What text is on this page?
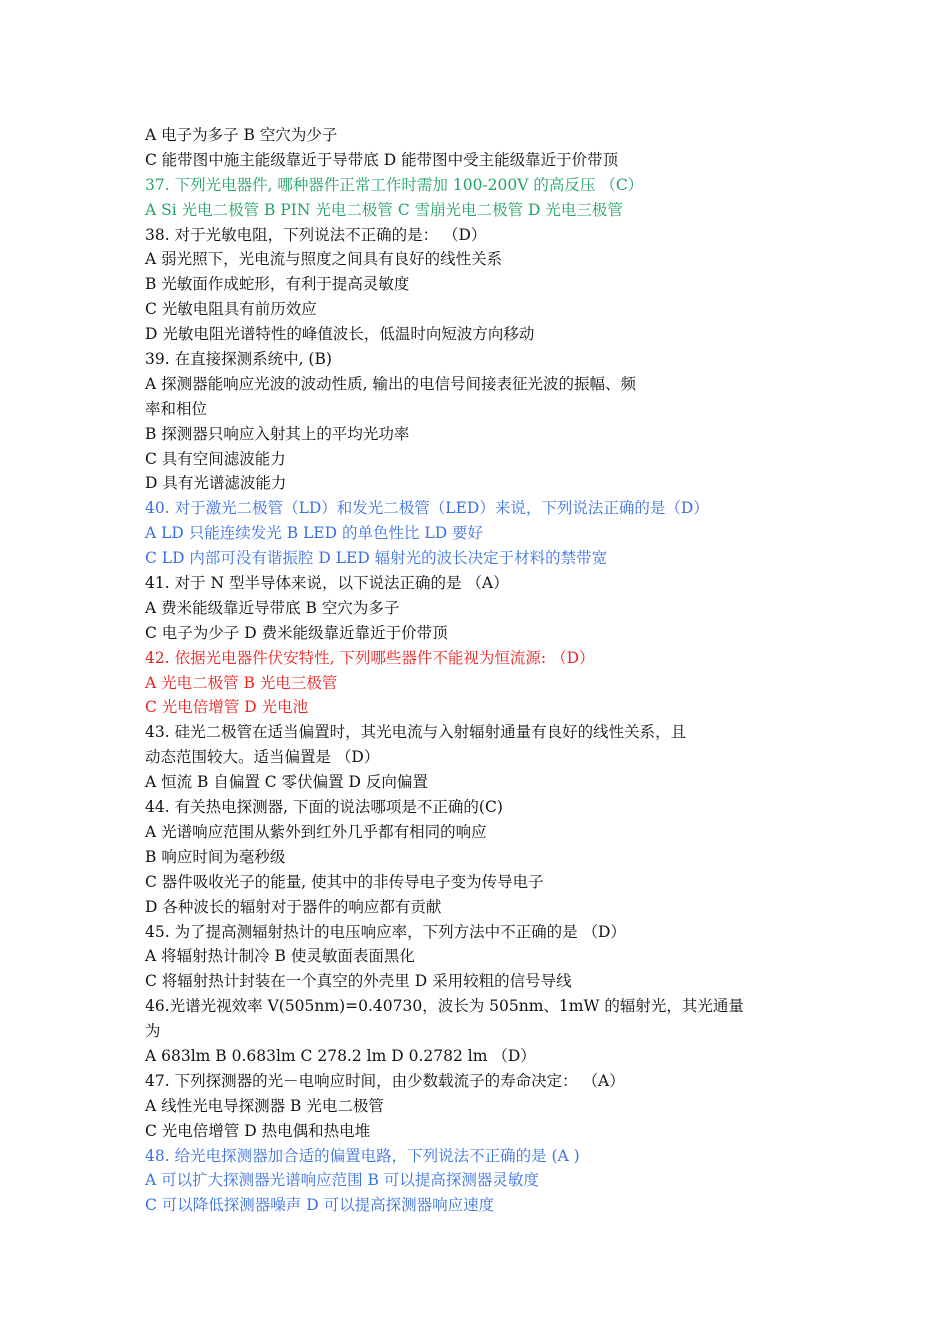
A 电子为多子 B 空穴为少子
C 能带图中施主能级靠近于导带底 D 能带图中受主能级靠近于价带顶
37. 下列光电器件, 哪种器件正常工作时需加 100-200V 的高反压 （C）
A Si 光电二极管 B PIN 光电二极管 C 雪崩光电二极管 D 光电三极管
38. 对于光敏电阻，下列说法不正确的是： （D）
A 弱光照下，光电流与照度之间具有良好的线性关系
B 光敏面作成蛇形，有利于提高灵敏度
C 光敏电阻具有前历效应
D 光敏电阻光谱特性的峰值波长，低温时向短波方向移动
39. 在直接探测系统中, (B)
A 探测器能响应光波的波动性质, 输出的电信号间接表征光波的振幅、频
率和相位
B 探测器只响应入射其上的平均光功率
C 具有空间滤波能力
D 具有光谱滤波能力
40. 对于激光二极管（LD）和发光二极管（LED）来说，下列说法正确的是（D）
A LD 只能连续发光 B LED 的单色性比 LD 要好
C LD 内部可没有谐振腔 D LED 辐射光的波长决定于材料的禁带宽
41. 对于 N 型半导体来说，以下说法正确的是 （A）
A 费米能级靠近导带底 B 空穴为多子
C 电子为少子 D 费米能级靠近靠近于价带顶
42. 依据光电器件伏安特性, 下列哪些器件不能视为恒流源: （D）
A 光电二极管 B 光电三极管
C 光电倍增管 D 光电池
43. 硅光二极管在适当偏置时，其光电流与入射辐射通量有良好的线性关系，且
动态范围较大。适当偏置是 （D）
A 恒流 B 自偏置 C 零伏偏置 D 反向偏置
44. 有关热电探测器, 下面的说法哪项是不正确的(C)
A 光谱响应范围从紫外到红外几乎都有相同的响应
B 响应时间为毫秒级
C 器件吸收光子的能量, 使其中的非传导电子变为传导电子
D 各种波长的辐射对于器件的响应都有贡献
45. 为了提高测辐射热计的电压响应率，下列方法中不正确的是 （D）
A 将辐射热计制冷 B 使灵敏面表面黑化
C 将辐射热计封装在一个真空的外壳里 D 采用较粗的信号导线
46.光谱光视效率 V(505nm)=0.40730，波长为 505nm、1mW 的辐射光，其光通量
为
A 683lm B 0.683lm C 278.2 lm D 0.2782 lm （D）
47. 下列探测器的光－电响应时间，由少数载流子的寿命决定： （A）
A 线性光电导探测器 B 光电二极管
C 光电倍增管 D 热电偶和热电堆
48. 给光电探测器加合适的偏置电路，下列说法不正确的是 (A )
A 可以扩大探测器光谱响应范围 B 可以提高探测器灵敏度
C 可以降低探测器噪声 D 可以提高探测器响应速度
